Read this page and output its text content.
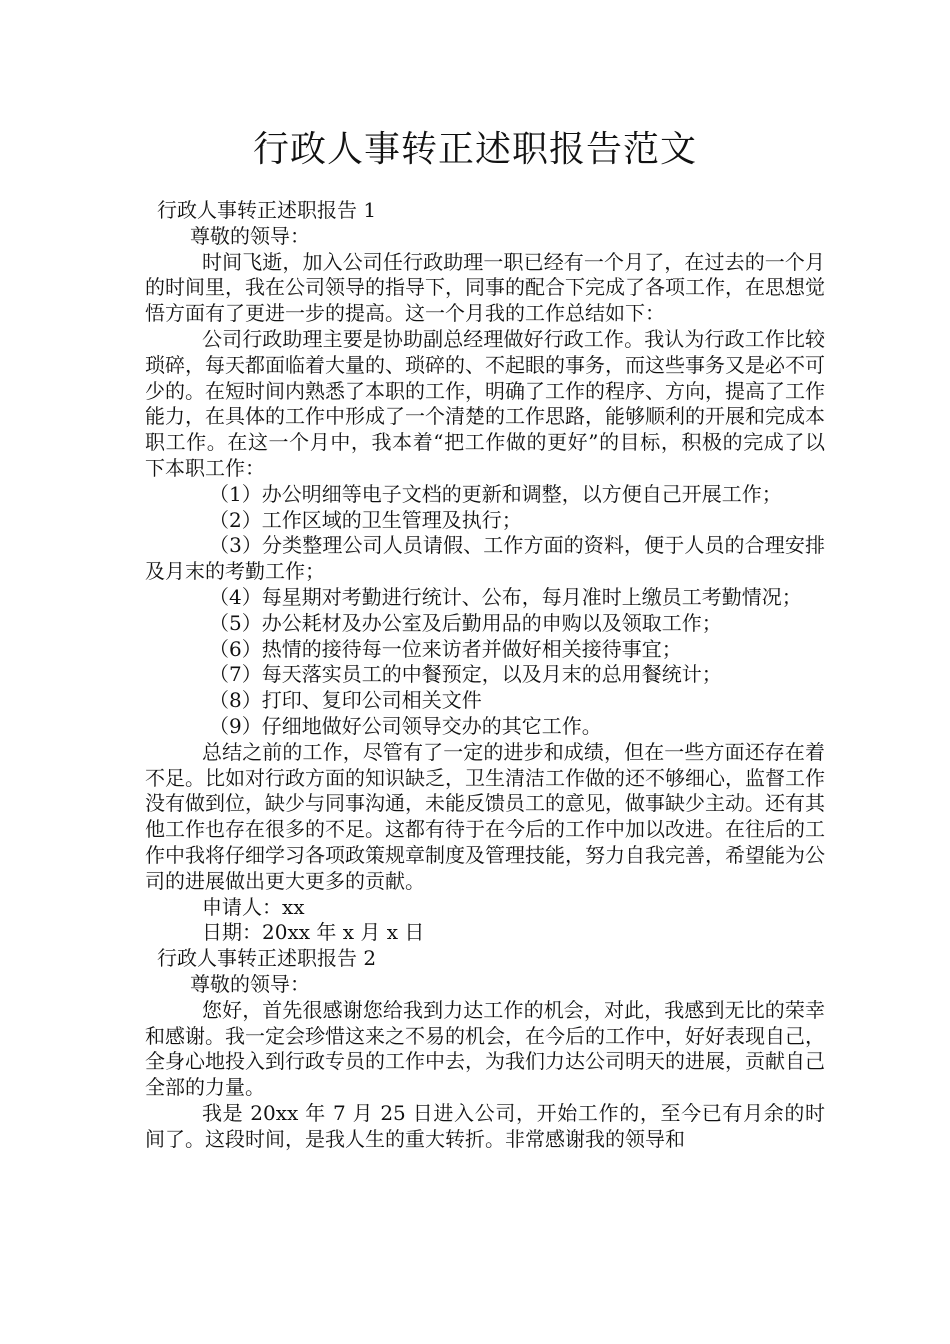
行政人事转正述职报告范文

行政人事转正述职报告 1

尊敬的领导：

时间飞逝，加入公司任行政助理一职已经有一个月了，在过去的一个月的时间里，我在公司领导的指导下，同事的配合下完成了各项工作，在思想觉悟方面有了更进一步的提高。这一个月我的工作总结如下：

公司行政助理主要是协助副总经理做好行政工作。我认为行政工作比较琐碎，每天都面临着大量的、琐碎的、不起眼的事务，而这些事务又是必不可少的。在短时间内熟悉了本职的工作，明确了工作的程序、方向，提高了工作能力，在具体的工作中形成了一个清楚的工作思路，能够顺利的开展和完成本职工作。在这一个月中，我本着“把工作做的更好”的目标，积极的完成了以下本职工作：

（1）办公明细等电子文档的更新和调整，以方便自己开展工作；

（2）工作区域的卫生管理及执行；

（3）分类整理公司人员请假、工作方面的资料，便于人员的合理安排及月末的考勤工作；

（4）每星期对考勤进行统计、公布，每月准时上缴员工考勤情况；

（5）办公耗材及办公室及后勤用品的申购以及领取工作；

（6）热情的接待每一位来访者并做好相关接待事宜；

（7）每天落实员工的中餐预定，以及月末的总用餐统计；

（8）打印、复印公司相关文件

（9）仔细地做好公司领导交办的其它工作。

总结之前的工作，尽管有了一定的进步和成绩，但在一些方面还存在着不足。比如对行政方面的知识缺乏，卫生清洁工作做的还不够细心，监督工作没有做到位，缺少与同事沟通，未能反馈员工的意见，做事缺少主动。还有其他工作也存在很多的不足。这都有待于在今后的工作中加以改进。在往后的工作中我将仔细学习各项政策规章制度及管理技能，努力自我完善，希望能为公司的进展做出更大更多的贡献。

申请人：xx

日期：20xx 年 x 月 x 日

行政人事转正述职报告 2

尊敬的领导：

您好，首先很感谢您给我到力达工作的机会，对此，我感到无比的荣幸和感谢。我一定会珍惜这来之不易的机会，在今后的工作中，好好表现自己，全身心地投入到行政专员的工作中去，为我们力达公司明天的进展，贡献自己全部的力量。

我是 20xx 年 7 月 25 日进入公司，开始工作的，至今已有月余的时间了。这段时间，是我人生的重大转折。非常感谢我的领导和
